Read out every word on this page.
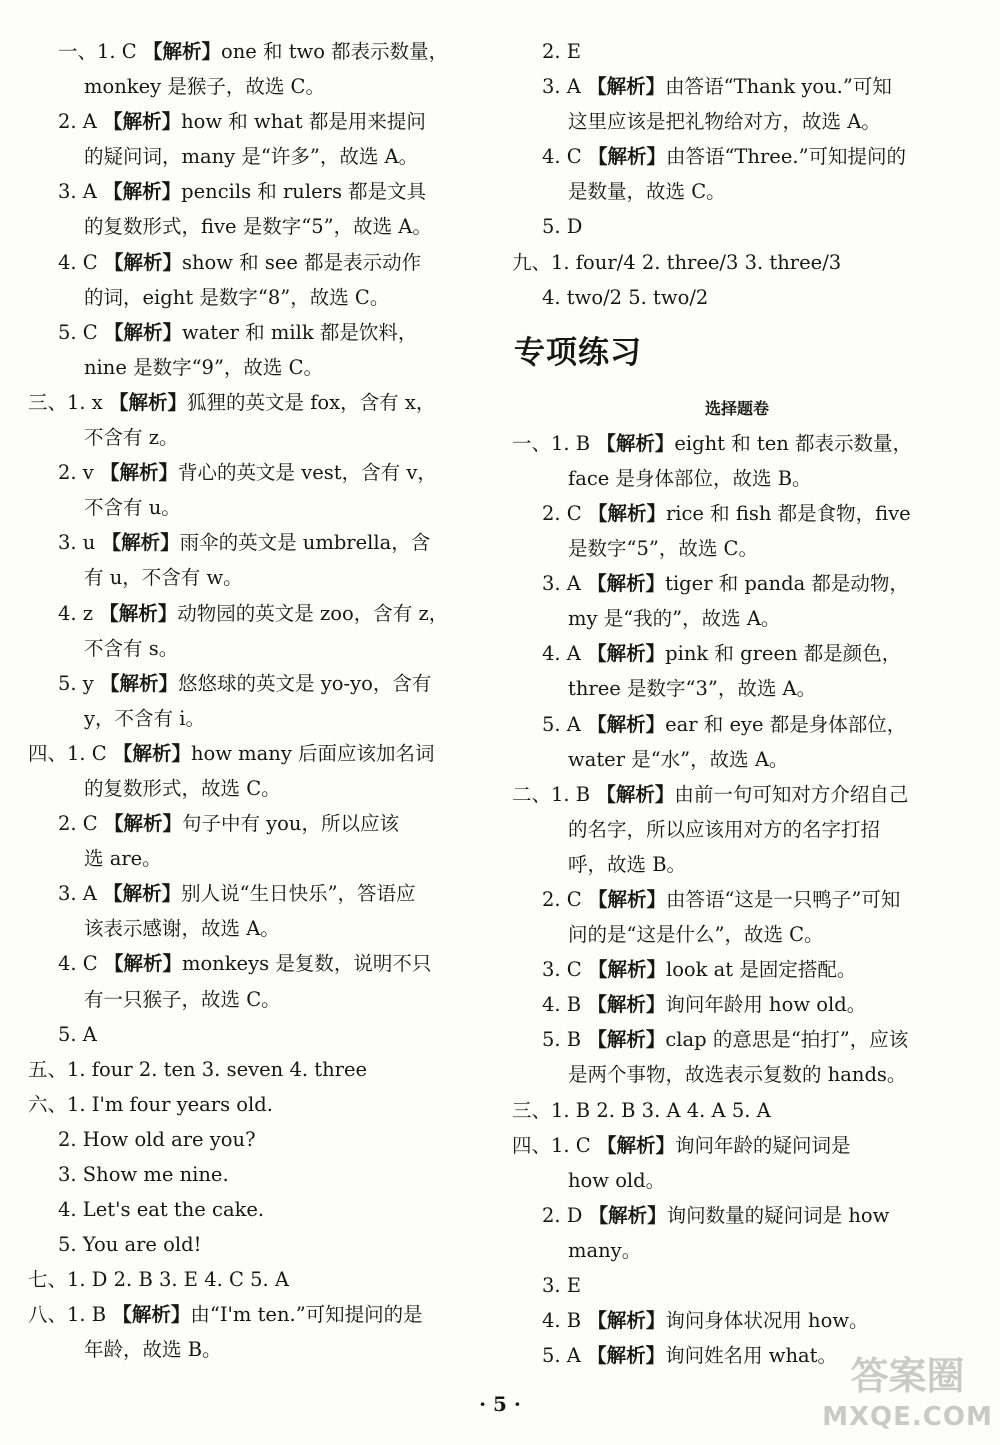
一、1. C 【解析】one 和 two 都表示数量，
monkey 是猴子，故选 C。
2. A 【解析】how 和 what 都是用来提问
的疑问词，many 是“许多”，故选 A。
3. A 【解析】pencils 和 rulers 都是文具
的复数形式，five 是数字“5”，故选 A。
4. C 【解析】show 和 see 都是表示动作
的词，eight 是数字“8”，故选 C。
5. C 【解析】water 和 milk 都是饮料，
nine 是数字“9”，故选 C。
三、1. x 【解析】狐狸的英文是 fox，含有 x，
不含有 z。
2. v 【解析】背心的英文是 vest，含有 v，
不含有 u。
3. u 【解析】雨伞的英文是 umbrella，含
有 u，不含有 w。
4. z 【解析】动物园的英文是 zoo，含有 z，
不含有 s。
5. y 【解析】悠悠球的英文是 yo-yo，含有
y，不含有 i。
四、1. C 【解析】how many 后面应该加名词
的复数形式，故选 C。
2. C 【解析】句子中有 you，所以应该
选 are。
3. A 【解析】别人说“生日快乐”，答语应
该表示感谢，故选 A。
4. C 【解析】monkeys 是复数，说明不只
有一只猴子，故选 C。
5. A
五、1. four 2. ten 3. seven 4. three
六、1. I'm four years old.
2. How old are you?
3. Show me nine.
4. Let's eat the cake.
5. You are old!
七、1. D 2. B 3. E 4. C 5. A
八、1. B 【解析】由“I'm ten.”可知提问的是
年龄，故选 B。
2. E
3. A 【解析】由答语“Thank you.”可知
这里应该是把礼物给对方，故选 A。
4. C 【解析】由答语“Three.”可知提问的
是数量，故选 C。
5. D
九、1. four/4 2. three/3 3. three/3
4. two/2 5. two/2
专项练习
选择题卷
一、1. B 【解析】eight 和 ten 都表示数量，
face 是身体部位，故选 B。
2. C 【解析】rice 和 fish 都是食物，five
是数字“5”，故选 C。
3. A 【解析】tiger 和 panda 都是动物，
my 是“我的”，故选 A。
4. A 【解析】pink 和 green 都是颜色，
three 是数字“3”，故选 A。
5. A 【解析】ear 和 eye 都是身体部位，
water 是“水”，故选 A。
二、1. B 【解析】由前一句可知对方介绍自己
的名字，所以应该用对方的名字打招
呼，故选 B。
2. C 【解析】由答语“这是一只鸭子”可知
问的是“这是什么”，故选 C。
3. C 【解析】look at 是固定搭配。
4. B 【解析】询问年龄用 how old。
5. B 【解析】clap 的意思是“拍打”，应该
是两个事物，故选表示复数的 hands。
三、1. B 2. B 3. A 4. A 5. A
四、1. C 【解析】询问年龄的疑问词是
how old。
2. D 【解析】询问数量的疑问词是 how
many。
3. E
4. B 【解析】询问身体状况用 how。
5. A 【解析】询问姓名用 what。
· 5 ·
答案圈
MXQE.COM
